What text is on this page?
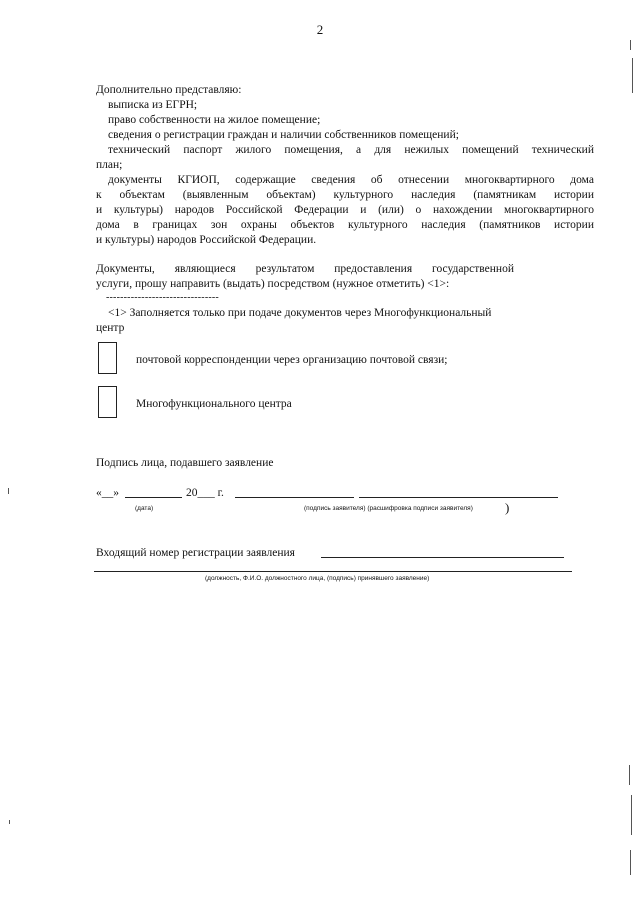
2
Дополнительно представляю:
выписка из ЕГРН;
право собственности на жилое помещение;
сведения о регистрации граждан и наличии собственников помещений;
технический паспорт жилого помещения, а для нежилых помещений технический
план;
документы КГИОП, содержащие сведения об отнесении многоквартирного дома
к объектам (выявленным объектам) культурного наследия (памятникам истории
и культуры) народов Российской Федерации и (или) о нахождении многоквартирного
дома в границах зон охраны объектов культурного наследия (памятников истории
и культуры) народов Российской Федерации.
Документы, являющиеся результатом предоставления государственной
услуги, прошу направить (выдать) посредством (нужное отметить) <1>:
--------------------------------
<1> Заполняется только при подаче документов через Многофункциональный
центр
почтовой корреспонденции через организацию почтовой связи;
Многофункционального центра
Подпись лица, подавшего заявление
«__»	20___ г.
(дата)	(подпись заявителя) (расшифровка подписи заявителя) )
Входящий номер регистрации заявления
(должность, Ф.И.О. должностного лица, (подпись) принявшего заявление)
